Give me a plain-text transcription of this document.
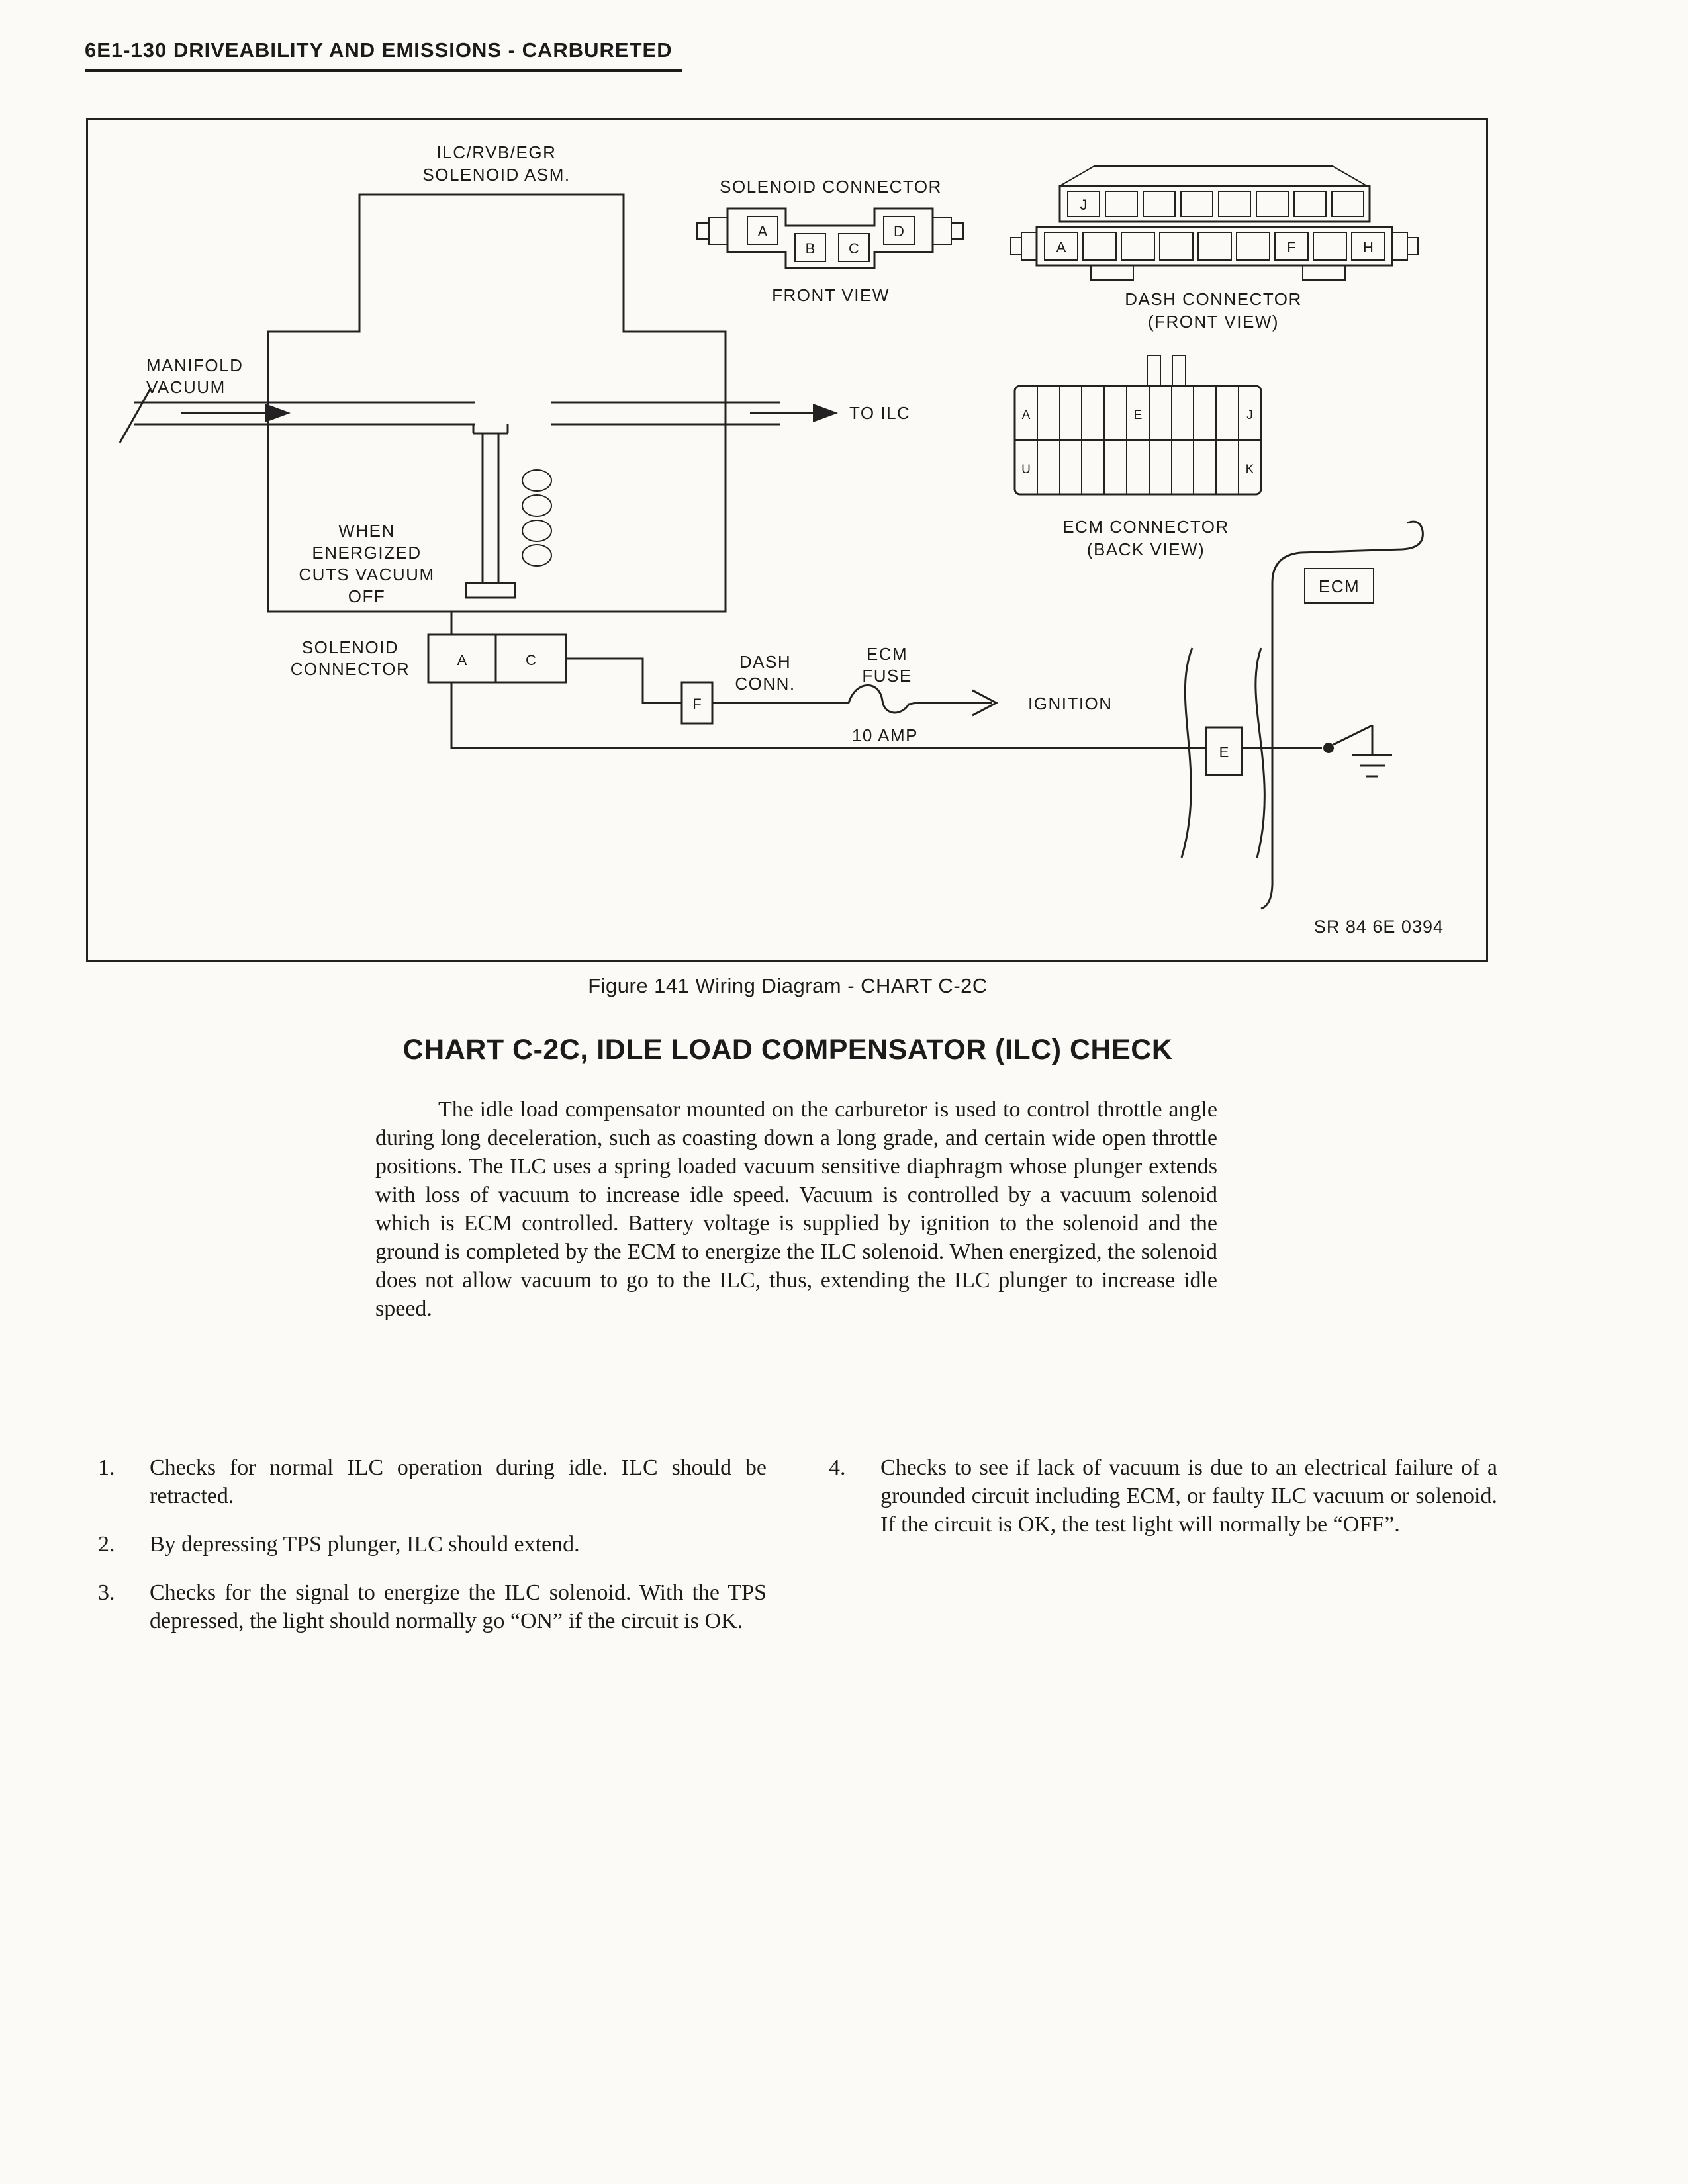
6E1-130 DRIVEABILITY AND EMISSIONS - CARBURETED
ILC/RVB/EGR
SOLENOID ASM.
MANIFOLD
VACUUM
TO ILC
WHEN
ENERGIZED
CUTS VACUUM
OFF
A
B C
D
SOLENOID CONNECTOR
FRONT VIEW
J
A	F	H
DASH CONNECTOR
(FRONT VIEW)
A	E	J
U	K
ECM CONNECTOR
(BACK VIEW)
A	C
SOLENOID
CONNECTOR
F
DASH
CONN.
ECM
FUSE
10 AMP
IGNITION
E
ECM
SR 84 6E 0394
Figure 141 Wiring Diagram - CHART C-2C
CHART C-2C, IDLE LOAD COMPENSATOR (ILC) CHECK
The idle load compensator mounted on the carburetor is used to control throttle angle during long deceleration, such as coasting down a long grade, and certain wide open throttle positions. The ILC uses a spring loaded vacuum sensitive diaphragm whose plunger extends with loss of vacuum to increase idle speed. Vacuum is controlled by a vacuum solenoid which is ECM controlled. Battery voltage is supplied by ignition to the solenoid and the ground is completed by the ECM to energize the ILC solenoid. When energized, the solenoid does not allow vacuum to go to the ILC, thus, extending the ILC plunger to increase idle speed.
1.	Checks for normal ILC operation during idle. ILC should be retracted.
2.	By depressing TPS plunger, ILC should extend.
3.	Checks for the signal to energize the ILC solenoid. With the TPS depressed, the light should normally go “ON” if the circuit is OK.
4.	Checks to see if lack of vacuum is due to an electrical failure of a grounded circuit including ECM, or faulty ILC vacuum or solenoid. If the circuit is OK, the test light will normally be “OFF”.
